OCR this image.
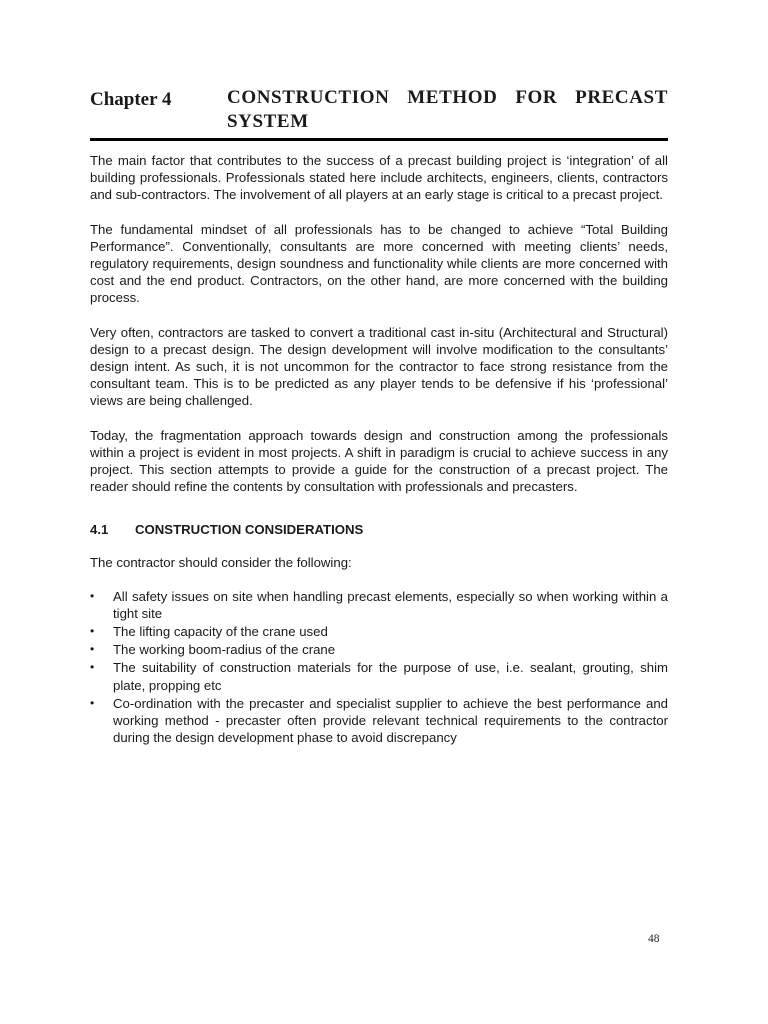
Chapter 4	CONSTRUCTION METHOD FOR PRECAST SYSTEM

The main factor that contributes to the success of a precast building project is ‘integration’ of all building professionals. Professionals stated here include architects, engineers, clients, contractors and sub-contractors. The involvement of all players at an early stage is critical to a precast project.

The fundamental mindset of all professionals has to be changed to achieve “Total Building Performance”. Conventionally, consultants are more concerned with meeting clients’ needs, regulatory requirements, design soundness and functionality while clients are more concerned with cost and the end product. Contractors, on the other hand, are more concerned with the building process.

Very often, contractors are tasked to convert a traditional cast in-situ (Architectural and Structural) design to a precast design. The design development will involve modification to the consultants’ design intent. As such, it is not uncommon for the contractor to face strong resistance from the consultant team. This is to be predicted as any player tends to be defensive if his ‘professional’ views are being challenged.

Today, the fragmentation approach towards design and construction among the professionals within a project is evident in most projects. A shift in paradigm is crucial to achieve success in any project. This section attempts to provide a guide for the construction of a precast project. The reader should refine the contents by consultation with professionals and precasters.

4.1	CONSTRUCTION CONSIDERATIONS

The contractor should consider the following:

•	All safety issues on site when handling precast elements, especially so when working within a tight site
•	The lifting capacity of the crane used
•	The working boom-radius of the crane
•	The suitability of construction materials for the purpose of use, i.e. sealant, grouting, shim plate, propping etc
•	Co-ordination with the precaster and specialist supplier to achieve the best performance and working method - precaster often provide relevant technical requirements to the contractor during the design development phase to avoid discrepancy
48
